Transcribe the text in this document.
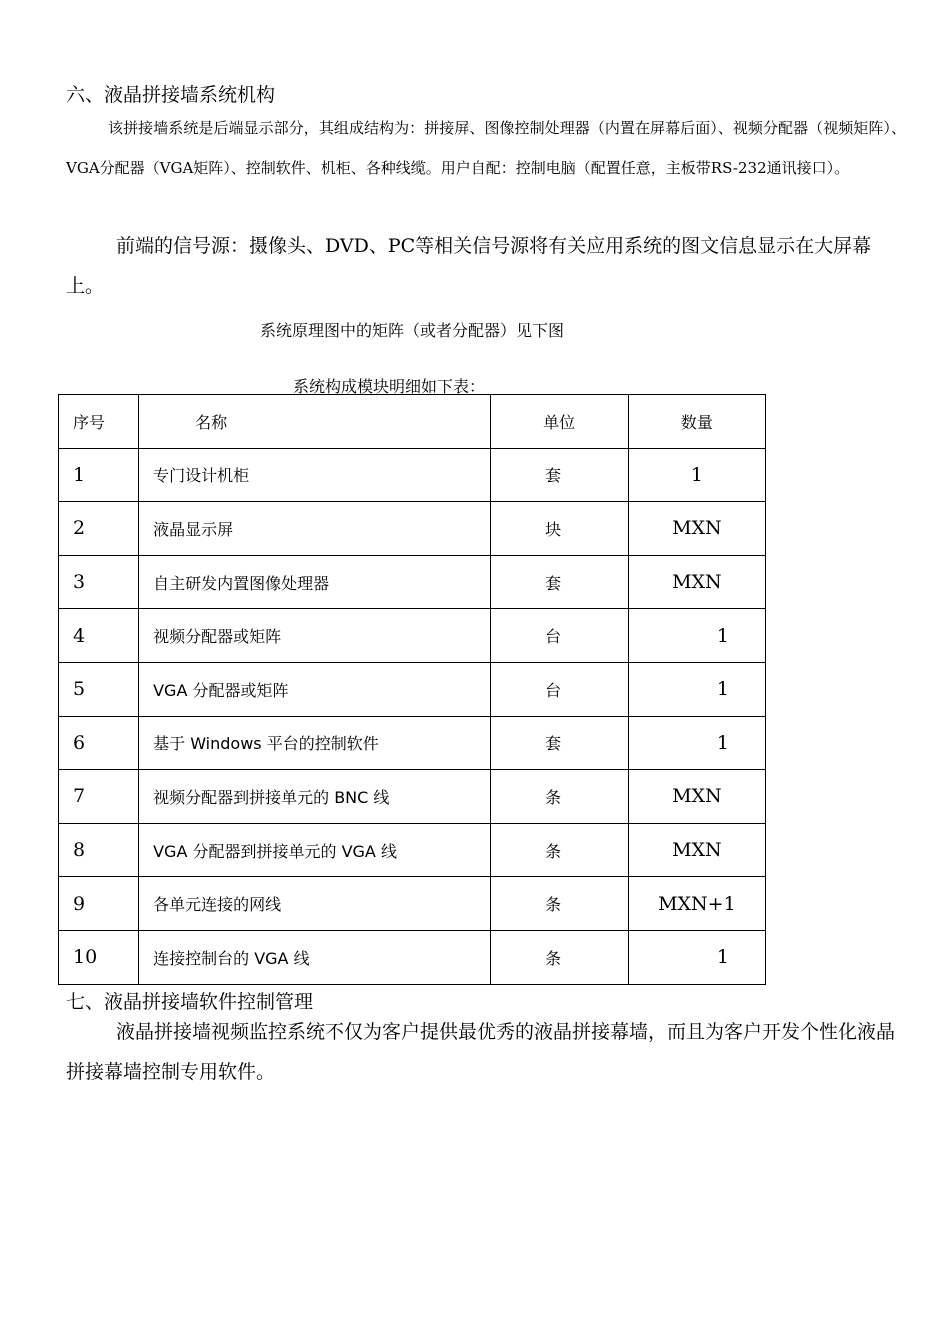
六、液晶拼接墙系统机构
该拼接墙系统是后端显示部分，其组成结构为：拼接屏、图像控制处理器（内置在屏幕后面）、视频分配器（视频矩阵）、VGA分配器（VGA矩阵）、控制软件、机柜、各种线缆。用户自配：控制电脑（配置任意，主板带RS-232通讯接口）。
前端的信号源：摄像头、DVD、PC等相关信号源将有关应用系统的图文信息显示在大屏幕上。
系统原理图中的矩阵（或者分配器）见下图
系统构成模块明细如下表：
序号	名称	单位	数量
1	专门设计机柜	套	1
2	液晶显示屏	块	MXN
3	自主研发内置图像处理器	套	MXN
4	视频分配器或矩阵	台	1
5	VGA 分配器或矩阵	台	1
6	基于 Windows 平台的控制软件	套	1
7	视频分配器到拼接单元的 BNC 线	条	MXN
8	VGA 分配器到拼接单元的 VGA 线	条	MXN
9	各单元连接的网线	条	MXN+1
10	连接控制台的 VGA 线	条	1
七、液晶拼接墙软件控制管理
液晶拼接墙视频监控系统不仅为客户提供最优秀的液晶拼接幕墙，而且为客户开发个性化液晶拼接幕墙控制专用软件。
